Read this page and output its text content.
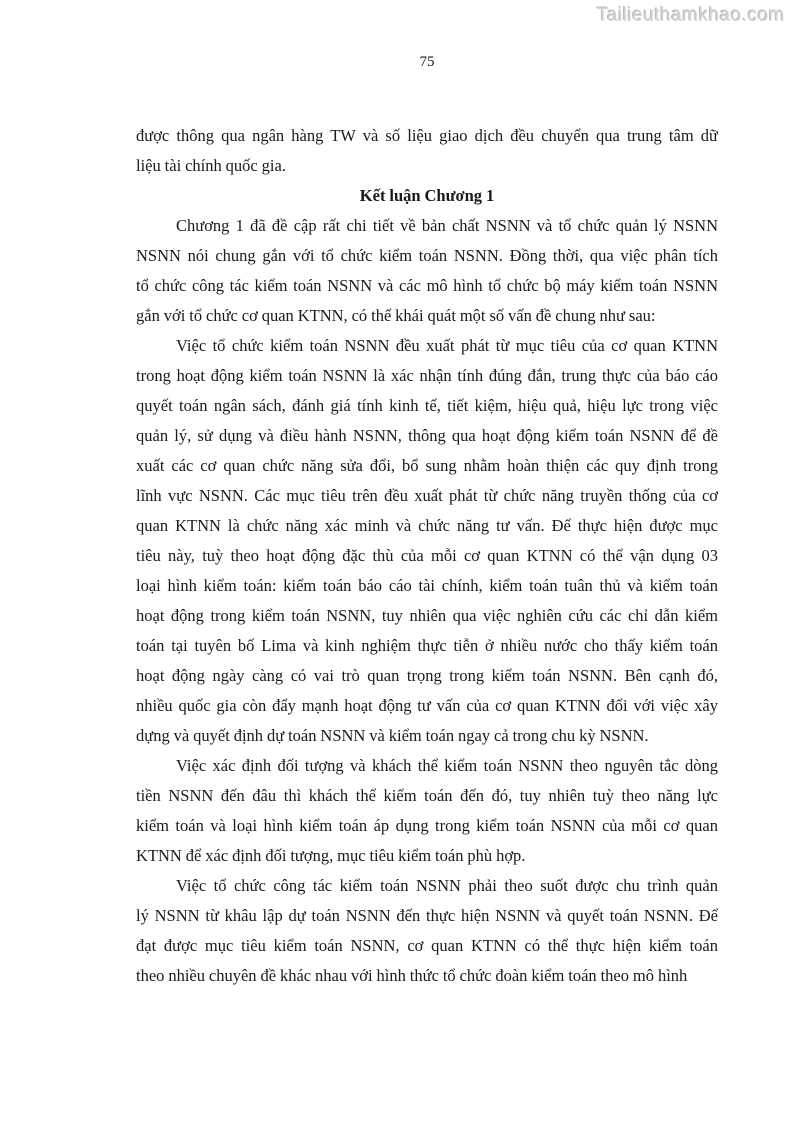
Tailieuthamkhao.com
75
được thông qua ngân hàng TW và số liệu giao dịch đều chuyển qua trung tâm dữ
liệu tài chính quốc gia.
Kết luận Chương 1
Chương 1 đã đề cập rất chi tiết về bản chất NSNN và tổ chức quản lý NSNN
NSNN nói chung gắn với tổ chức kiểm toán NSNN. Đồng thời, qua việc phân tích
tổ chức công tác kiểm toán NSNN và các mô hình tổ chức bộ máy kiểm toán NSNN
gắn với tổ chức cơ quan KTNN, có thể khái quát một số vấn đề chung như sau:
Việc tổ chức kiểm toán NSNN đều xuất phát từ mục tiêu của cơ quan KTNN
trong hoạt động kiểm toán NSNN là xác nhận tính đúng đắn, trung thực của báo cáo
quyết toán ngân sách, đánh giá tính kinh tế, tiết kiệm, hiệu quả, hiệu lực trong việc
quản lý, sử dụng và điều hành NSNN, thông qua hoạt động kiểm toán NSNN để đề
xuất các cơ quan chức năng sửa đổi, bổ sung nhằm hoàn thiện các quy định trong
lĩnh vực NSNN. Các mục tiêu trên đều xuất phát từ chức năng truyền thống của cơ
quan KTNN là chức năng xác minh và chức năng tư vấn. Để thực hiện được mục
tiêu này, tuỳ theo hoạt động đặc thù của mỗi cơ quan KTNN có thể vận dụng 03
loại hình kiểm toán: kiểm toán báo cáo tài chính, kiểm toán tuân thủ và kiểm toán
hoạt động trong kiểm toán NSNN, tuy nhiên qua việc nghiên cứu các chỉ dẫn kiểm
toán tại tuyên bố Lima và kinh nghiệm thực tiễn ở nhiều nước cho thấy kiểm toán
hoạt động ngày càng có vai trò quan trọng trong kiểm toán NSNN. Bên cạnh đó,
nhiều quốc gia còn đẩy mạnh hoạt động tư vấn của cơ quan KTNN đối với việc xây
dựng và quyết định dự toán NSNN và kiểm toán ngay cả trong chu kỳ NSNN.
Việc xác định đối tượng và khách thể kiểm toán NSNN theo nguyên tắc dòng
tiền NSNN đến đâu thì khách thể kiểm toán đến đó, tuy nhiên tuỳ theo năng lực
kiểm toán và loại hình kiểm toán áp dụng trong kiểm toán NSNN của mỗi cơ quan
KTNN để xác định đối tượng, mục tiêu kiểm toán phù hợp.
Việc tổ chức công tác kiểm toán NSNN phải theo suốt được chu trình quản
lý NSNN từ khâu lập dự toán NSNN đến thực hiện NSNN và quyết toán NSNN. Để
đạt được mục tiêu kiểm toán NSNN, cơ quan KTNN có thể thực hiện kiểm toán
theo nhiều chuyên đề khác nhau với hình thức tổ chức đoàn kiểm toán theo mô hình
